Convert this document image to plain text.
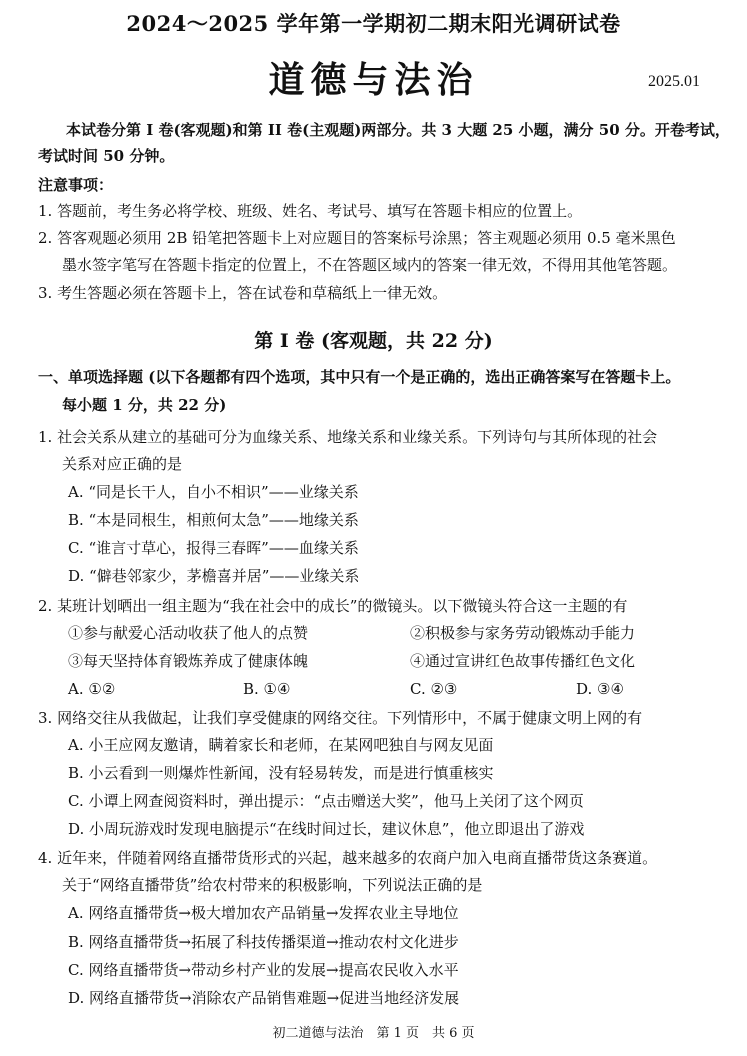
2024～2025 学年第一学期初二期末阳光调研试卷
道德与法治	2025.01
本试卷分第 I 卷(客观题)和第 II 卷(主观题)两部分。共 3 大题 25 小题，满分 50 分。开卷考试，
考试时间 50 分钟。
注意事项：
1. 答题前，考生务必将学校、班级、姓名、考试号、填写在答题卡相应的位置上。
2. 答客观题必须用 2B 铅笔把答题卡上对应题目的答案标号涂黑；答主观题必须用 0.5 毫米黑色
墨水签字笔写在答题卡指定的位置上，不在答题区域内的答案一律无效，不得用其他笔答题。
3. 考生答题必须在答题卡上，答在试卷和草稿纸上一律无效。
第 I 卷 (客观题，共 22 分)
一、单项选择题 (以下各题都有四个选项，其中只有一个是正确的，选出正确答案写在答题卡上。
每小题 1 分，共 22 分)
1. 社会关系从建立的基础可分为血缘关系、地缘关系和业缘关系。下列诗句与其所体现的社会
关系对应正确的是
A. “同是长干人，自小不相识”——业缘关系
B. “本是同根生，相煎何太急”——地缘关系
C. “谁言寸草心，报得三春晖”——血缘关系
D. “僻巷邻家少，茅檐喜并居”——业缘关系
2. 某班计划晒出一组主题为“我在社会中的成长”的微镜头。以下微镜头符合这一主题的有
①参与献爱心活动收获了他人的点赞	②积极参与家务劳动锻炼动手能力
③每天坚持体育锻炼养成了健康体魄	④通过宣讲红色故事传播红色文化
A. ①②	B. ①④	C. ②③	D. ③④
3. 网络交往从我做起，让我们享受健康的网络交往。下列情形中，不属于健康文明上网的有
A. 小王应网友邀请，瞒着家长和老师，在某网吧独自与网友见面
B. 小云看到一则爆炸性新闻，没有轻易转发，而是进行慎重核实
C. 小谭上网查阅资料时，弹出提示：“点击赠送大奖”，他马上关闭了这个网页
D. 小周玩游戏时发现电脑提示“在线时间过长，建议休息”，他立即退出了游戏
4. 近年来，伴随着网络直播带货形式的兴起，越来越多的农商户加入电商直播带货这条赛道。
关于“网络直播带货”给农村带来的积极影响，下列说法正确的是
A. 网络直播带货→极大增加农产品销量→发挥农业主导地位
B. 网络直播带货→拓展了科技传播渠道→推动农村文化进步
C. 网络直播带货→带动乡村产业的发展→提高农民收入水平
D. 网络直播带货→消除农产品销售难题→促进当地经济发展
初二道德与法治　第 1 页　共 6 页
